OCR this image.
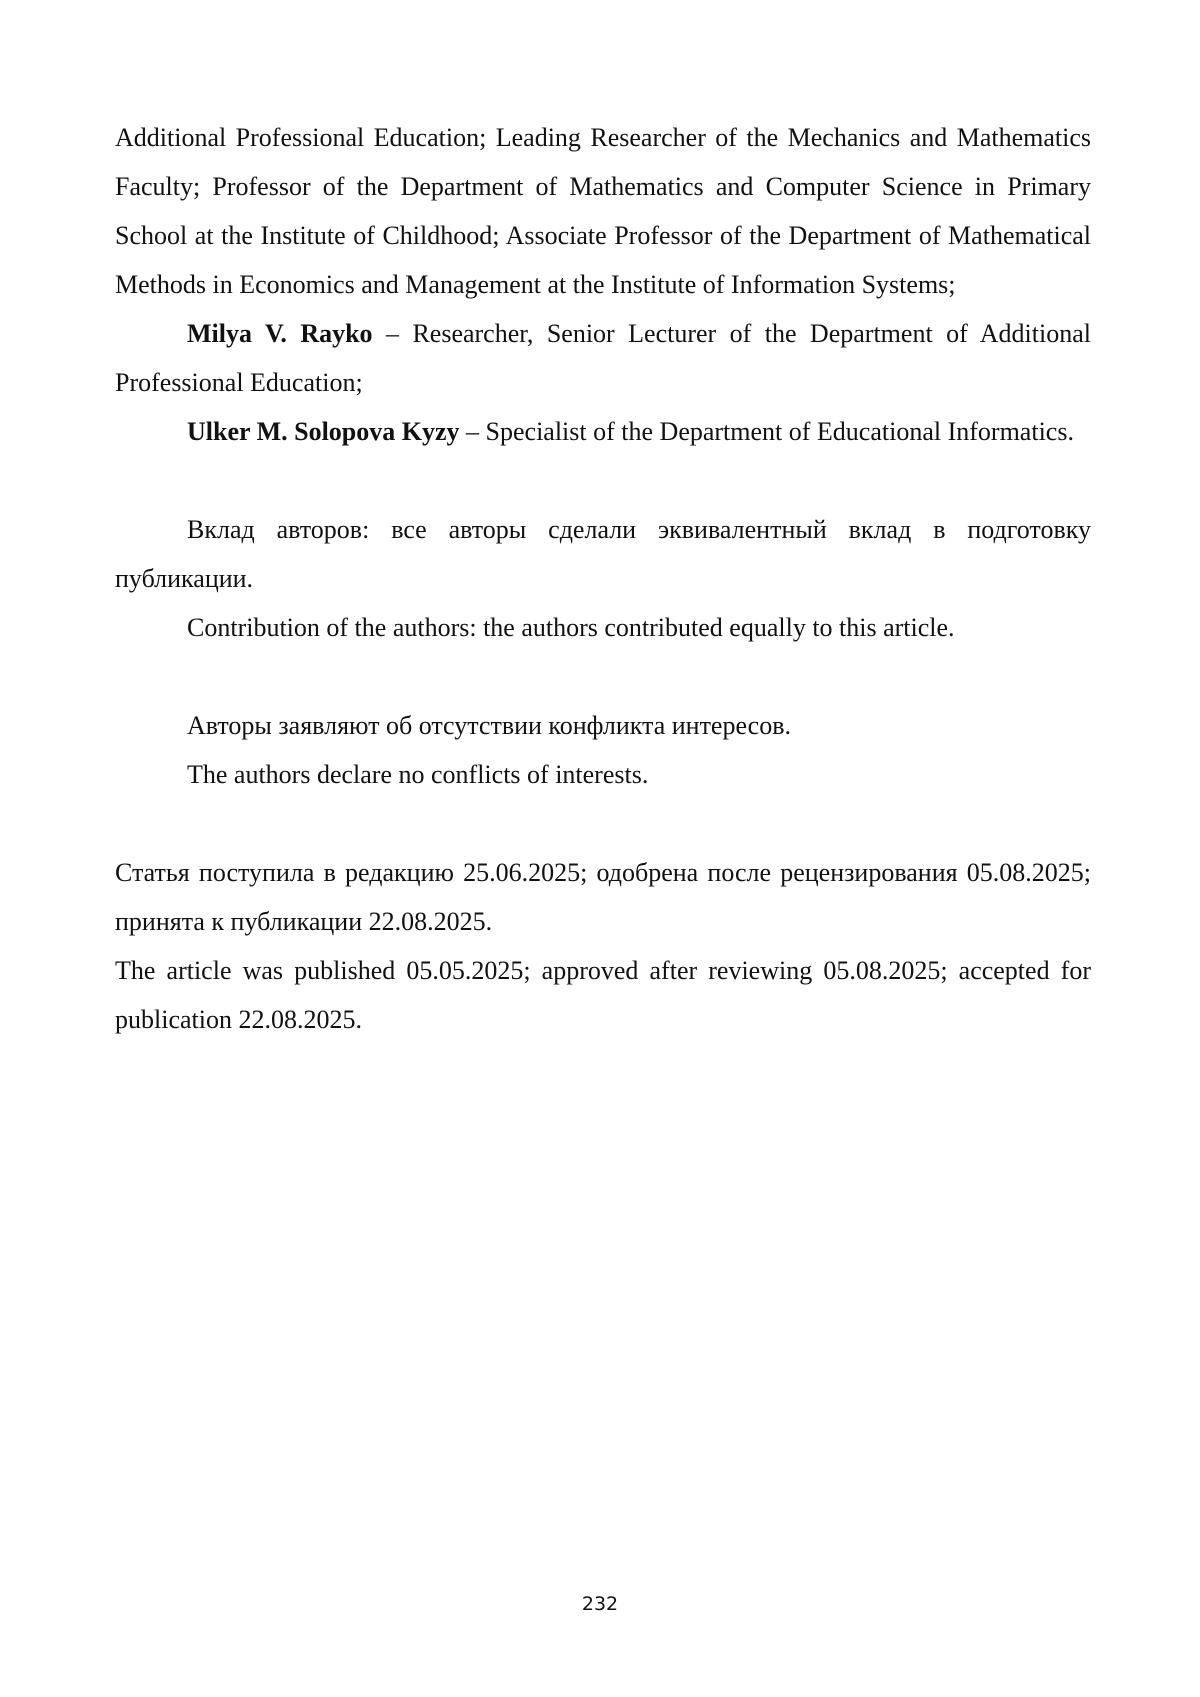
Additional Professional Education; Leading Researcher of the Mechanics and Mathematics Faculty; Professor of the Department of Mathematics and Computer Science in Primary School at the Institute of Childhood; Associate Professor of the Department of Mathematical Methods in Economics and Management at the Institute of Information Systems;

Milya V. Rayko – Researcher, Senior Lecturer of the Department of Additional Professional Education;

Ulker M. Solopova Kyzy – Specialist of the Department of Educational Informatics.

Вклад авторов: все авторы сделали эквивалентный вклад в подготовку публикации.

Contribution of the authors: the authors contributed equally to this article.

Авторы заявляют об отсутствии конфликта интересов.

The authors declare no conflicts of interests.

Статья поступила в редакцию 25.06.2025; одобрена после рецензирования 05.08.2025; принята к публикации 22.08.2025.

The article was published 05.05.2025; approved after reviewing 05.08.2025; accepted for publication 22.08.2025.

232
